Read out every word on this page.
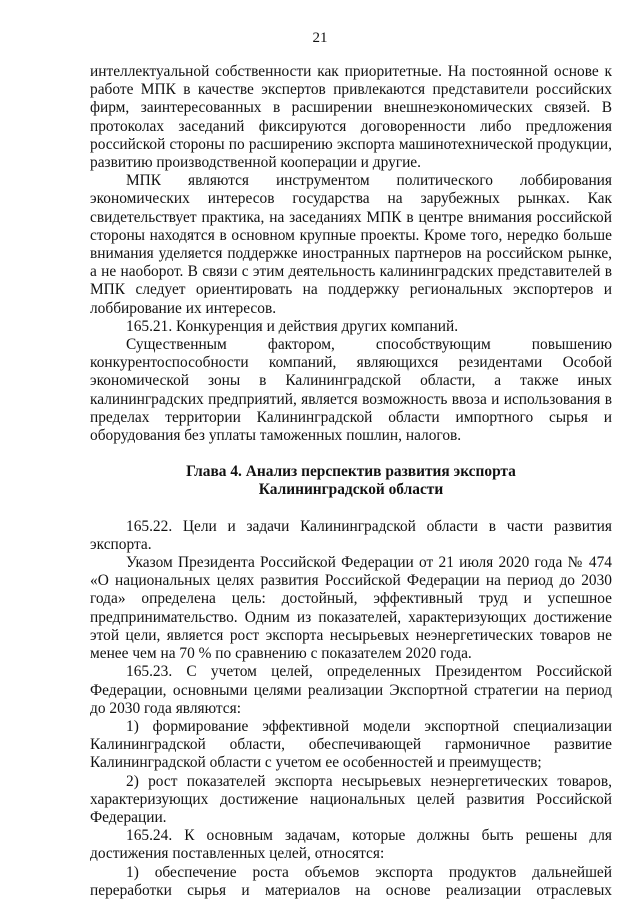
21
интеллектуальной собственности как приоритетные. На постоянной основе к работе МПК в качестве экспертов привлекаются представители российских фирм, заинтересованных в расширении внешнеэкономических связей. В протоколах заседаний фиксируются договоренности либо предложения российской стороны по расширению экспорта машинотехнической продукции, развитию производственной кооперации и другие.
МПК являются инструментом политического лоббирования экономических интересов государства на зарубежных рынках. Как свидетельствует практика, на заседаниях МПК в центре внимания российской стороны находятся в основном крупные проекты. Кроме того, нередко больше внимания уделяется поддержке иностранных партнеров на российском рынке, а не наоборот. В связи с этим деятельность калининградских представителей в МПК следует ориентировать на поддержку региональных экспортеров и лоббирование их интересов.
165.21. Конкуренция и действия других компаний.
Существенным фактором, способствующим повышению конкурентоспособности компаний, являющихся резидентами Особой экономической зоны в Калининградской области, а также иных калининградских предприятий, является возможность ввоза и использования в пределах территории Калининградской области импортного сырья и оборудования без уплаты таможенных пошлин, налогов.
Глава 4. Анализ перспектив развития экспорта
Калининградской области
165.22. Цели и задачи Калининградской области в части развития экспорта.
Указом Президента Российской Федерации от 21 июля 2020 года № 474 «О национальных целях развития Российской Федерации на период до 2030 года» определена цель: достойный, эффективный труд и успешное предпринимательство. Одним из показателей, характеризующих достижение этой цели, является рост экспорта несырьевых неэнергетических товаров не менее чем на 70 % по сравнению с показателем 2020 года.
165.23. С учетом целей, определенных Президентом Российской Федерации, основными целями реализации Экспортной стратегии на период до 2030 года являются:
1) формирование эффективной модели экспортной специализации Калининградской области, обеспечивающей гармоничное развитие Калининградской области с учетом ее особенностей и преимуществ;
2) рост показателей экспорта несырьевых неэнергетических товаров, характеризующих достижение национальных целей развития Российской Федерации.
165.24. К основным задачам, которые должны быть решены для достижения поставленных целей, относятся:
1) обеспечение роста объемов экспорта продуктов дальнейшей переработки сырья и материалов на основе реализации отраслевых
